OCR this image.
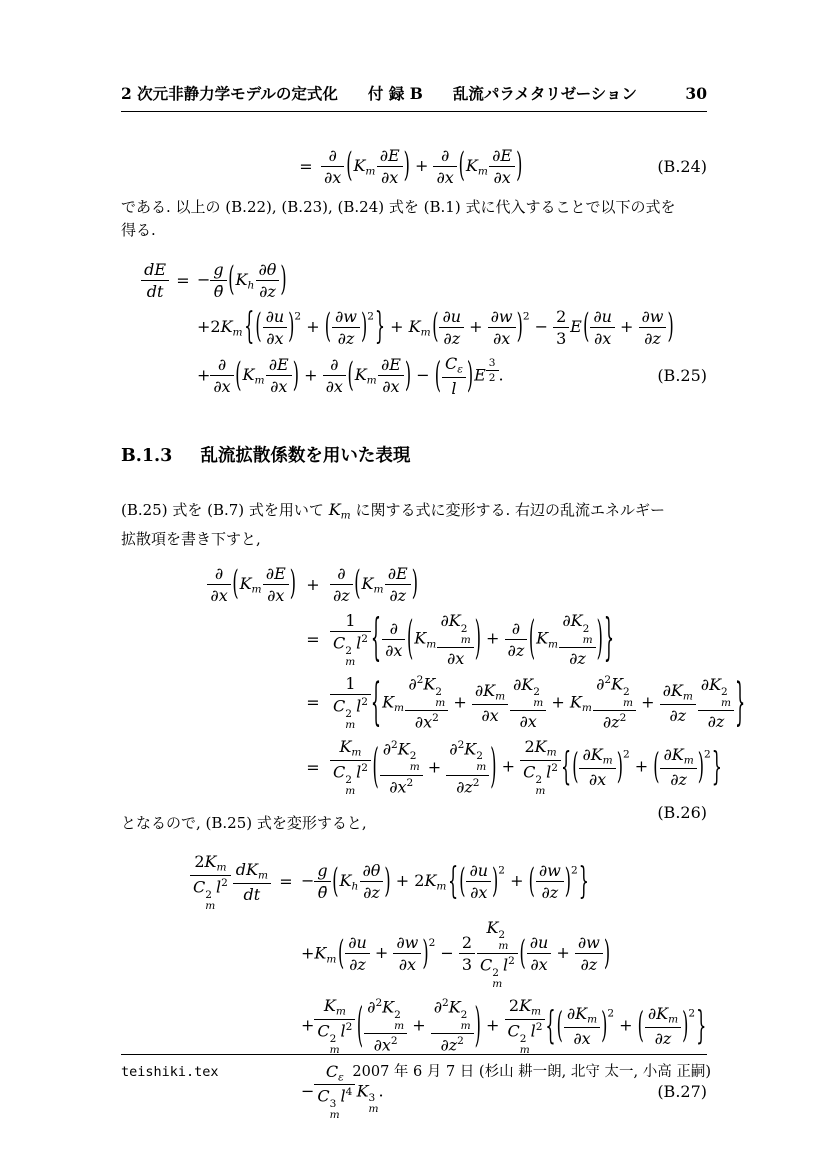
2 次元非静力学モデルの定式化 付 録 B 乱流パラメタリゼーション	30
= $\frac{\partial}{\partial x} (K_m \frac{\partial E}{\partial x}$ ) + $\frac{\partial}{\partial x} (K_m \frac{\partial E}{\partial x}$ )	(B.24)

である. 以上の (B.22), (B.23), (B.24) 式を (B.1) 式に代入することで以下の式を
得る.

$\frac{dE}{dt}$ = − $\frac{g}{\thetā} (K_h \frac{\partial\theta}{\partial z}$ )
$+2K_m\{( \frac{\partial u}{\partial x} )^2$ + ( $\frac{\partial w}{\partial z} )^2\} + K_m( \frac{\partial u}{\partial z} + \frac{\partial w}{\partial x} )^2 - \frac{2}{3} E( \frac{\partial u}{\partial x} + \frac{\partial w}{\partial z}$ )
+ $\frac{\partial}{\partial x} (K_m \frac{\partial E}{\partial x}$ ) + $\frac{\partial}{\partial x} (K_m \frac{\partial E}{\partial x}$ ) − ( $\frac{C_\varepsilon}{l} )E$ $^{\frac{3}{2}}$ .	(B.25)
B.1.3 乱流拡散係数を用いた表現

(B.25) 式を (B.7) 式を用いて $K_m$ に関する式に変形する. 右辺の乱流エネルギー
拡散項を書き下すと,

$\frac{\partial}{\partial x} (K_m \frac{\partial E}{\partial x}$ ) + $\frac{\partial}{\partial z} (K_m \frac{\partial E}{\partial z}$ )
= 1
C 2
m
$l^2$ { $\frac{\partial}{\partial x} (K_m$ ∂K 2
m
∂x ) + $\frac{\partial}{\partial z} (K_m$ ∂K 2
m
∂z )}
= 1
C 2
m
$l^2$ {$K_m$ ∂$^2$K 2
m
$\partial x^2 + \frac{\partial K_m}{\partial x} \partial K$ 2
m
$\partial x + K_m$ ∂$^2$K 2
m
$\partial z^2 + \frac{\partial K_m}{\partial z} \partial K$ 2
m
∂z }
= $K_m$
C 2
m
$l^2$ ( ∂$^2$K 2
m
$\partial x^2 + \partial^2K$ 2
m
$\partial z^2$ ) + $2K_m$
C 2
m
$l^2$ {( $\frac{\partial K_m}{\partial x} )^2$ + ( $\frac{\partial K_m}{\partial z} )^2$}
(B.26)

となるので, (B.25) 式を変形すると,

$2K_m$
C 2
m
$l^2 \frac{dK_m}{dt}$ = − $\frac{g}{\thetā} (K_h \frac{\partial\theta}{\partial z}$ ) + $2K_m\{( \frac{\partial u}{\partial x} )^2$ + ( $\frac{\partial w}{\partial z} )^2$}
$+K_m( \frac{\partial u}{\partial z} + \frac{\partial w}{\partial x} )^2 - \frac{2}{3}$ K 2
m
C 2
m
$l^2$ ( $\frac{\partial u}{\partial x} + \frac{\partial w}{\partial z}$ )
+ $K_m$
C 2
m
$l^2$ ( ∂$^2$K 2
m
$\partial x^2 + \partial^2K$ 2
m
$\partial z^2$ ) + $2K_m$
C 2
m
$l^2$ {( $\frac{\partial K_m}{\partial x} )^2$ + ( $\frac{\partial K_m}{\partial z} )^2$}
− $C_\varepsilon$
C 3
m
$l^4$ K 3
m
.	(B.27)
teishiki.tex	2007 年 6 月 7 日 (杉山 耕一朗, 北守 太一, 小高 正嗣)
